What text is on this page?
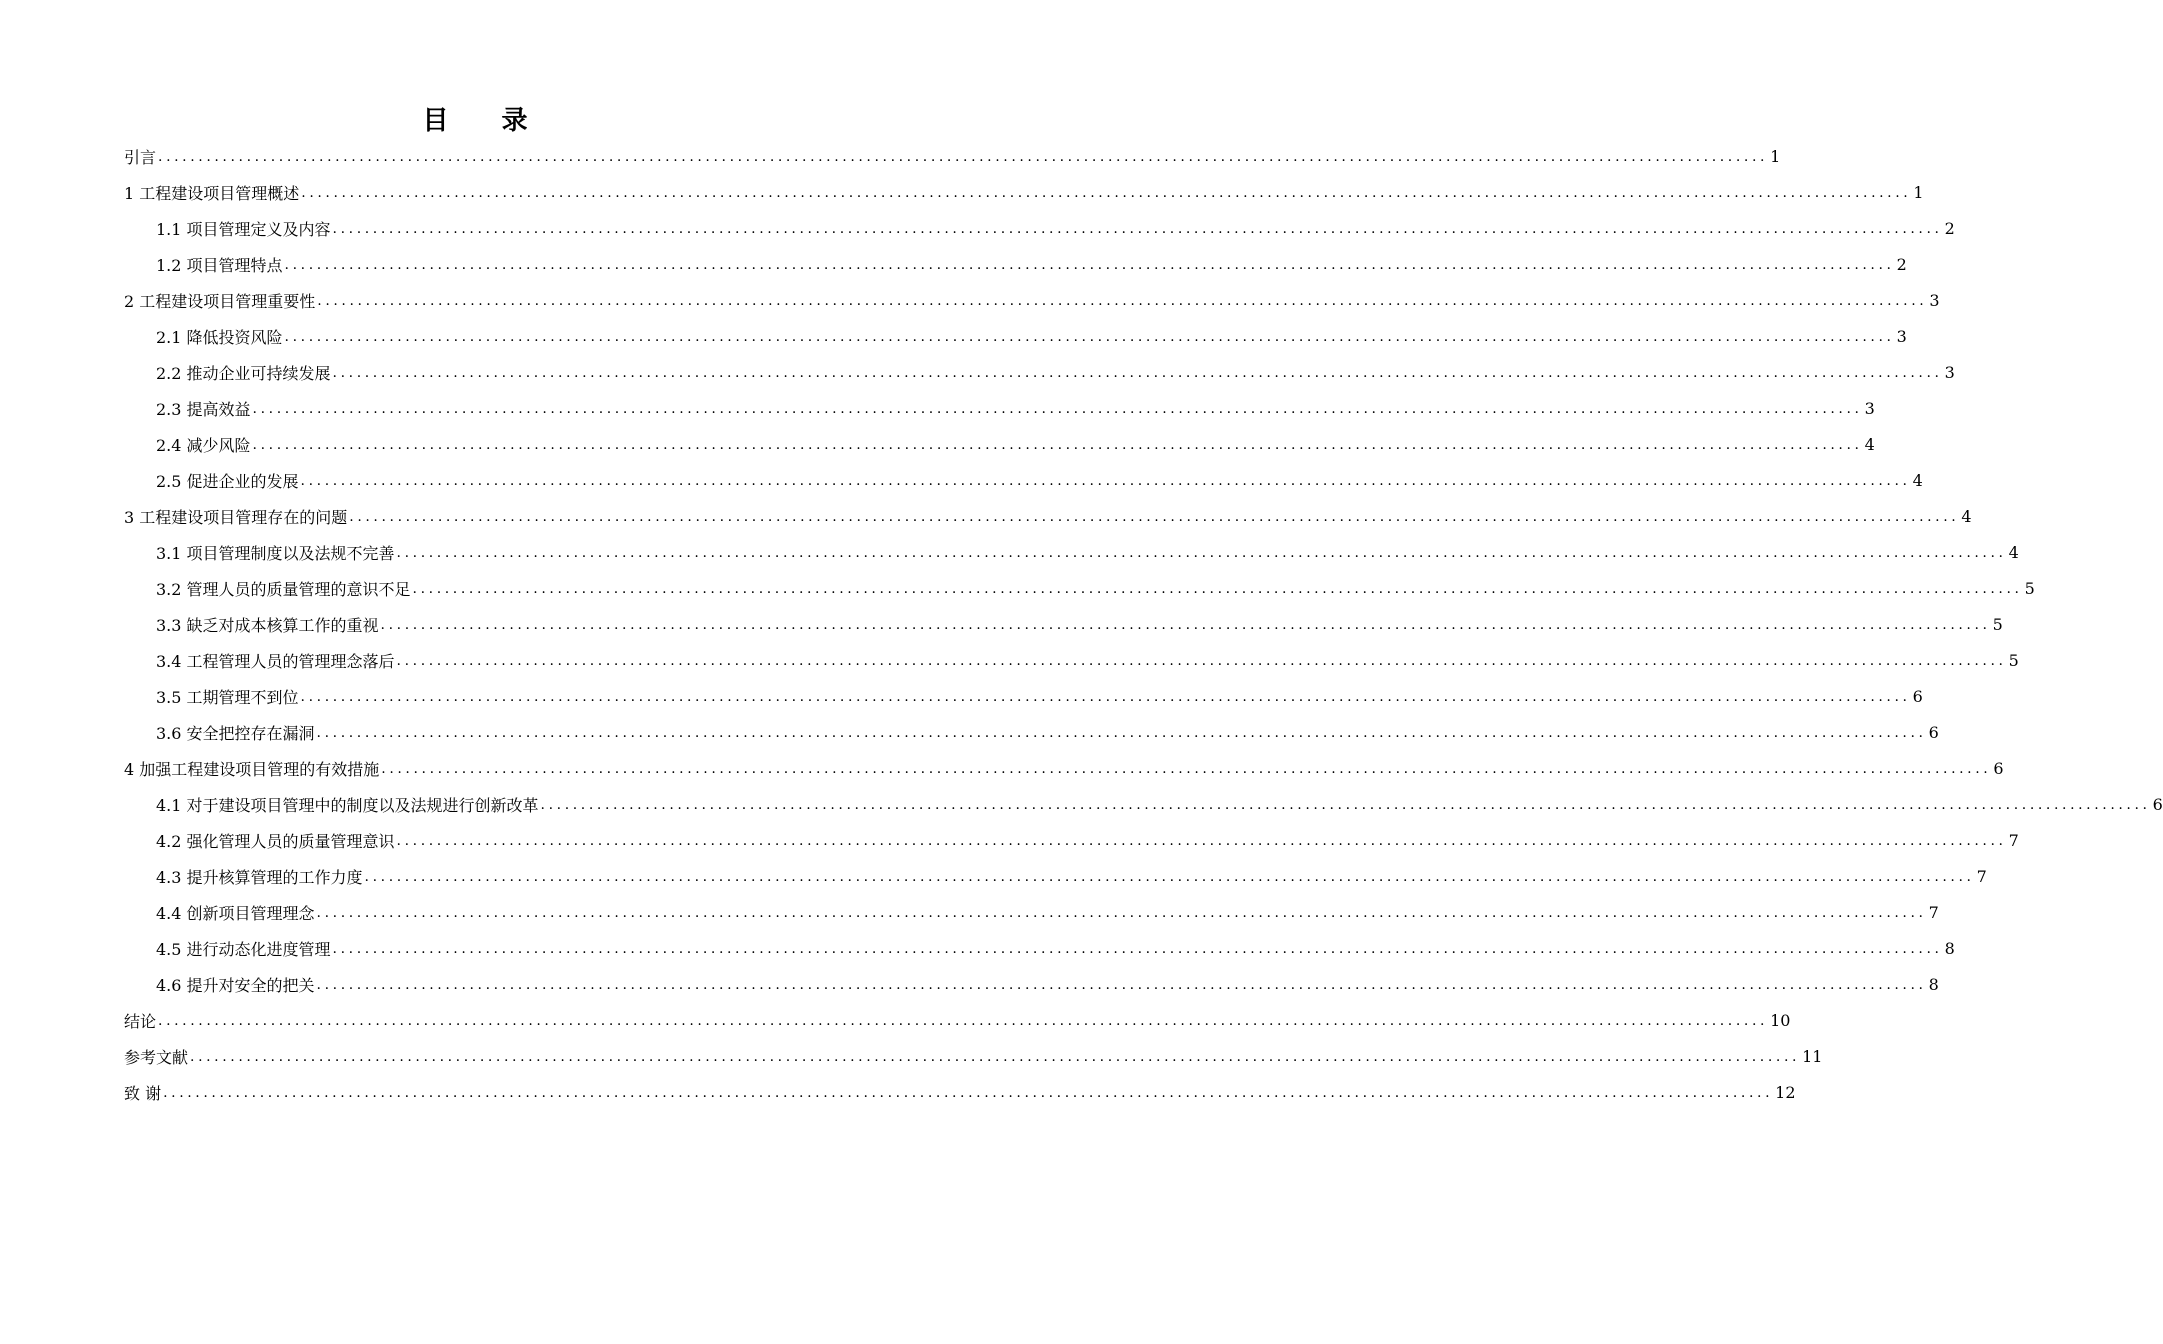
目 录
引言 ........................................................................................................................................................................................................ 1
1 工程建设项目管理概述 ........................................................................................................................................................................................................ 1
1.1 项目管理定义及内容 ........................................................................................................................................................................................................ 2
1.2 项目管理特点 ........................................................................................................................................................................................................ 2
2 工程建设项目管理重要性 ........................................................................................................................................................................................................ 3
2.1 降低投资风险 ........................................................................................................................................................................................................ 3
2.2 推动企业可持续发展 ........................................................................................................................................................................................................ 3
2.3 提高效益 ........................................................................................................................................................................................................ 3
2.4 减少风险 ........................................................................................................................................................................................................ 4
2.5 促进企业的发展 ........................................................................................................................................................................................................ 4
3 工程建设项目管理存在的问题 ........................................................................................................................................................................................................ 4
3.1 项目管理制度以及法规不完善 ........................................................................................................................................................................................................ 4
3.2 管理人员的质量管理的意识不足 ........................................................................................................................................................................................................ 5
3.3 缺乏对成本核算工作的重视 ........................................................................................................................................................................................................ 5
3.4 工程管理人员的管理理念落后 ........................................................................................................................................................................................................ 5
3.5 工期管理不到位 ........................................................................................................................................................................................................ 6
3.6 安全把控存在漏洞 ........................................................................................................................................................................................................ 6
4 加强工程建设项目管理的有效措施 ........................................................................................................................................................................................................ 6
4.1 对于建设项目管理中的制度以及法规进行创新改革 ........................................................................................................................................................................................................ 6
4.2 强化管理人员的质量管理意识 ........................................................................................................................................................................................................ 7
4.3 提升核算管理的工作力度 ........................................................................................................................................................................................................ 7
4.4 创新项目管理理念 ........................................................................................................................................................................................................ 7
4.5 进行动态化进度管理 ........................................................................................................................................................................................................ 8
4.6 提升对安全的把关 ........................................................................................................................................................................................................ 8
结论 ........................................................................................................................................................................................................ 10
参考文献 ........................................................................................................................................................................................................ 11
致 谢 ........................................................................................................................................................................................................ 12
